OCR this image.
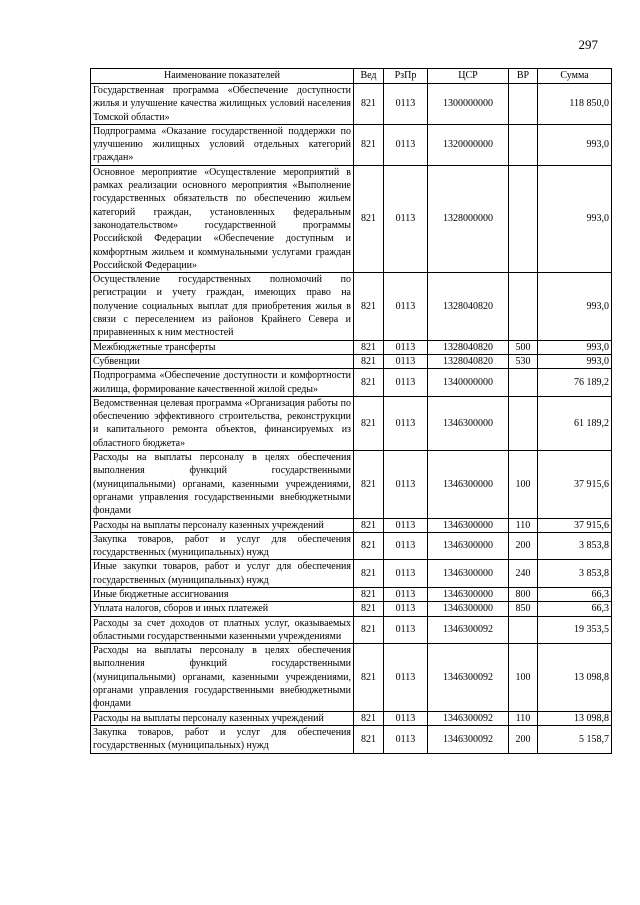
297
Наименование показателей	Вед	РзПр	ЦСР	ВР	Сумма
Государственная программа «Обеспечение доступности жилья и улучшение качества жилищных условий населения Томской области»	821	0113	1300000000		118 850,0
Подпрограмма «Оказание государственной поддержки по улучшению жилищных условий отдельных категорий граждан»	821	0113	1320000000		993,0
Основное мероприятие «Осуществление мероприятий в рамках реализации основного мероприятия «Выполнение государственных обязательств по обеспечению жильем категорий граждан, установленных федеральным законодательством» государственной программы Российской Федерации «Обеспечение доступным и комфортным жильем и коммунальными услугами граждан Российской Федерации»	821	0113	1328000000		993,0
Осуществление государственных полномочий по регистрации и учету граждан, имеющих право на получение социальных выплат для приобретения жилья в связи с переселением из районов Крайнего Севера и приравненных к ним местностей	821	0113	1328040820		993,0
Межбюджетные трансферты	821	0113	1328040820	500	993,0
Субвенции	821	0113	1328040820	530	993,0
Подпрограмма «Обеспечение доступности и комфортности жилища, формирование качественной жилой среды»	821	0113	1340000000		76 189,2
Ведомственная целевая программа «Организация работы по обеспечению эффективного строительства, реконструкции и капитального ремонта объектов, финансируемых из областного бюджета»	821	0113	1346300000		61 189,2
Расходы на выплаты персоналу в целях обеспечения выполнения функций государственными (муниципальными) органами, казенными учреждениями, органами управления государственными внебюджетными фондами	821	0113	1346300000	100	37 915,6
Расходы на выплаты персоналу казенных учреждений	821	0113	1346300000	110	37 915,6
Закупка товаров, работ и услуг для обеспечения государственных (муниципальных) нужд	821	0113	1346300000	200	3 853,8
Иные закупки товаров, работ и услуг для обеспечения государственных (муниципальных) нужд	821	0113	1346300000	240	3 853,8
Иные бюджетные ассигнования	821	0113	1346300000	800	66,3
Уплата налогов, сборов и иных платежей	821	0113	1346300000	850	66,3
Расходы за счет доходов от платных услуг, оказываемых областными государственными казенными учреждениями	821	0113	1346300092		19 353,5
Расходы на выплаты персоналу в целях обеспечения выполнения функций государственными (муниципальными) органами, казенными учреждениями, органами управления государственными внебюджетными фондами	821	0113	1346300092	100	13 098,8
Расходы на выплаты персоналу казенных учреждений	821	0113	1346300092	110	13 098,8
Закупка товаров, работ и услуг для обеспечения государственных (муниципальных) нужд	821	0113	1346300092	200	5 158,7
